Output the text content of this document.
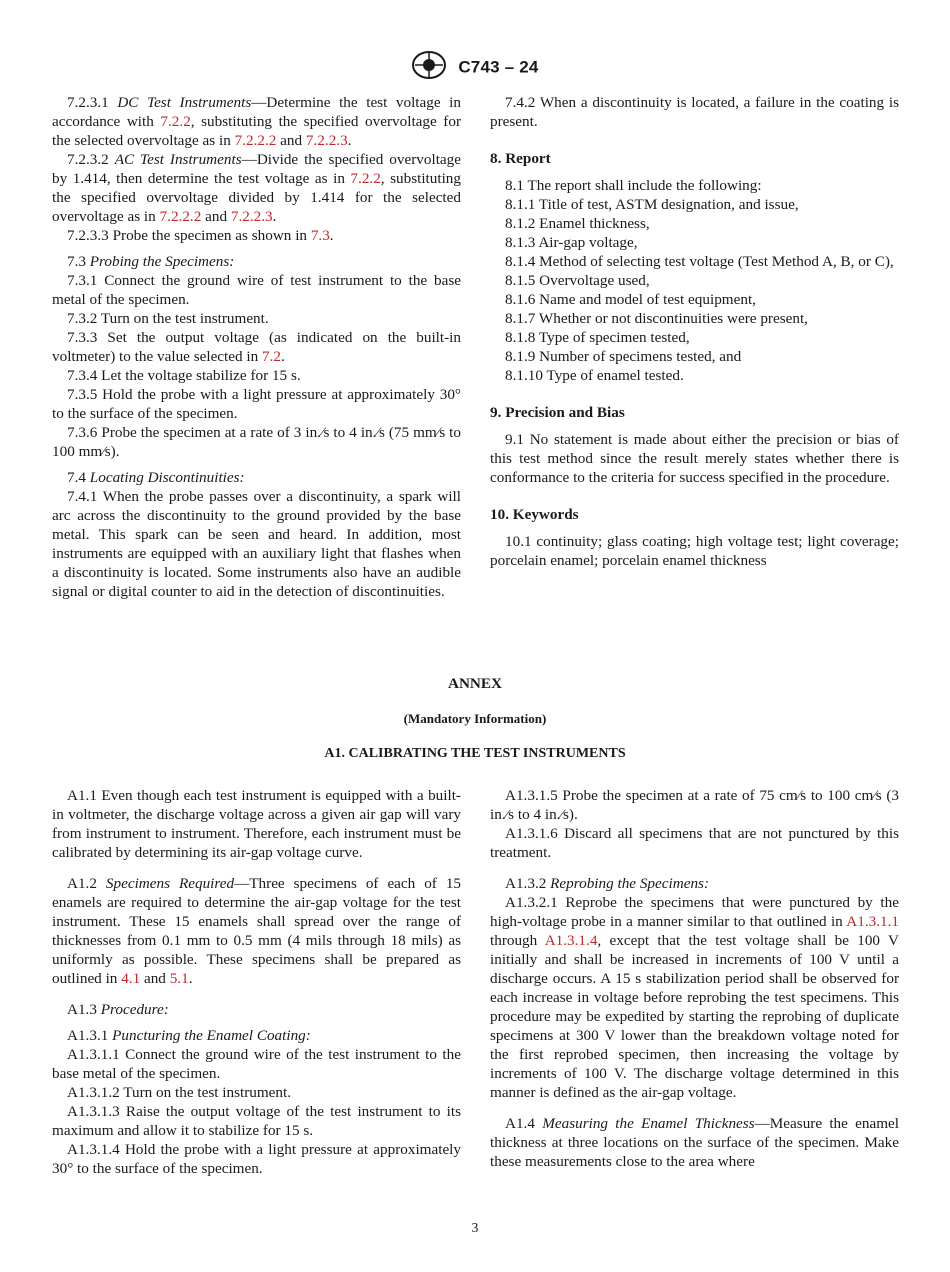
C743 – 24

7.2.3.1 DC Test Instruments—Determine the test voltage in accordance with 7.2.2, substituting the specified overvoltage for the selected overvoltage as in 7.2.2.2 and 7.2.2.3.

7.2.3.2 AC Test Instruments—Divide the specified overvoltage by 1.414, then determine the test voltage as in 7.2.2, substituting the specified overvoltage divided by 1.414 for the selected overvoltage as in 7.2.2.2 and 7.2.2.3.

7.2.3.3 Probe the specimen as shown in 7.3.

7.3 Probing the Specimens:

7.3.1 Connect the ground wire of test instrument to the base metal of the specimen.

7.3.2 Turn on the test instrument.

7.3.3 Set the output voltage (as indicated on the built-in voltmeter) to the value selected in 7.2.

7.3.4 Let the voltage stabilize for 15 s.

7.3.5 Hold the probe with a light pressure at approximately 30° to the surface of the specimen.

7.3.6 Probe the specimen at a rate of 3 in.⁄s to 4 in.⁄s (75 mm⁄s to 100 mm⁄s).

7.4 Locating Discontinuities:

7.4.1 When the probe passes over a discontinuity, a spark will arc across the discontinuity to the ground provided by the base metal. This spark can be seen and heard. In addition, most instruments are equipped with an auxiliary light that flashes when a discontinuity is located. Some instruments also have an audible signal or digital counter to aid in the detection of discontinuities.

7.4.2 When a discontinuity is located, a failure in the coating is present.

8. Report

8.1 The report shall include the following:

8.1.1 Title of test, ASTM designation, and issue,

8.1.2 Enamel thickness,

8.1.3 Air-gap voltage,

8.1.4 Method of selecting test voltage (Test Method A, B, or C),

8.1.5 Overvoltage used,

8.1.6 Name and model of test equipment,

8.1.7 Whether or not discontinuities were present,

8.1.8 Type of specimen tested,

8.1.9 Number of specimens tested, and

8.1.10 Type of enamel tested.

9. Precision and Bias

9.1 No statement is made about either the precision or bias of this test method since the result merely states whether there is conformance to the criteria for success specified in the procedure.

10. Keywords

10.1 continuity; glass coating; high voltage test; light coverage; porcelain enamel; porcelain enamel thickness

ANNEX
(Mandatory Information)
A1. CALIBRATING THE TEST INSTRUMENTS

A1.1 Even though each test instrument is equipped with a built-in voltmeter, the discharge voltage across a given air gap will vary from instrument to instrument. Therefore, each instrument must be calibrated by determining its air-gap voltage curve.

A1.2 Specimens Required—Three specimens of each of 15 enamels are required to determine the air-gap voltage for the test instrument. These 15 enamels shall spread over the range of thicknesses from 0.1 mm to 0.5 mm (4 mils through 18 mils) as uniformly as possible. These specimens shall be prepared as outlined in 4.1 and 5.1.

A1.3 Procedure:

A1.3.1 Puncturing the Enamel Coating:

A1.3.1.1 Connect the ground wire of the test instrument to the base metal of the specimen.

A1.3.1.2 Turn on the test instrument.

A1.3.1.3 Raise the output voltage of the test instrument to its maximum and allow it to stabilize for 15 s.

A1.3.1.4 Hold the probe with a light pressure at approximately 30° to the surface of the specimen.

A1.3.1.5 Probe the specimen at a rate of 75 cm⁄s to 100 cm⁄s (3 in.⁄s to 4 in.⁄s).

A1.3.1.6 Discard all specimens that are not punctured by this treatment.

A1.3.2 Reprobing the Specimens:

A1.3.2.1 Reprobe the specimens that were punctured by the high-voltage probe in a manner similar to that outlined in A1.3.1.1 through A1.3.1.4, except that the test voltage shall be 100 V initially and shall be increased in increments of 100 V until a discharge occurs. A 15 s stabilization period shall be observed for each increase in voltage before reprobing the test specimens. This procedure may be expedited by starting the reprobing of duplicate specimens at 300 V lower than the breakdown voltage noted for the first reprobed specimen, then increasing the voltage by increments of 100 V. The discharge voltage determined in this manner is defined as the air-gap voltage.

A1.4 Measuring the Enamel Thickness—Measure the enamel thickness at three locations on the surface of the specimen. Make these measurements close to the area where

3
